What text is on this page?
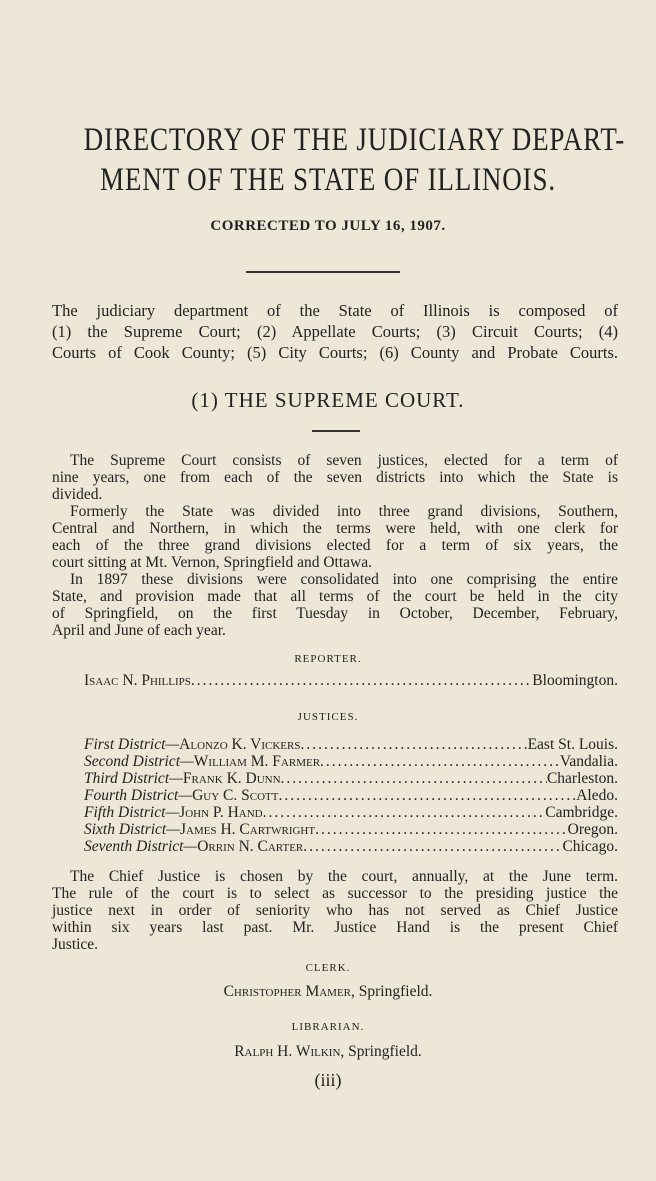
DIRECTORY OF THE JUDICIARY DEPART-
MENT OF THE STATE OF ILLINOIS.
CORRECTED TO JULY 16, 1907.
The judiciary department of the State of Illinois is composed of
(1) the Supreme Court; (2) Appellate Courts; (3) Circuit Courts; (4)
Courts of Cook County; (5) City Courts; (6) County and Probate Courts.
(1) THE SUPREME COURT.
The Supreme Court consists of seven justices, elected for a term of
nine years, one from each of the seven districts into which the State is
divided.
Formerly the State was divided into three grand divisions, Southern,
Central and Northern, in which the terms were held, with one clerk for
each of the three grand divisions elected for a term of six years, the
court sitting at Mt. Vernon, Springfield and Ottawa.
In 1897 these divisions were consolidated into one comprising the entire
State, and provision made that all terms of the court be held in the city
of Springfield, on the first Tuesday in October, December, February,
April and June of each year.
REPORTER.
Isaac N. Phillips .....	Bloomington.
JUSTICES.
First District—Alonzo K. Vickers .....	East St. Louis.
Second District—William M. Farmer .....	Vandalia.
Third District—Frank K. Dunn .....	Charleston.
Fourth District—Guy C. Scott .....	Aledo.
Fifth District—John P. Hand .....	Cambridge.
Sixth District—James H. Cartwright .....	Oregon.
Seventh District—Orrin N. Carter .....	Chicago.
The Chief Justice is chosen by the court, annually, at the June term.
The rule of the court is to select as successor to the presiding justice the
justice next in order of seniority who has not served as Chief Justice
within six years last past. Mr. Justice Hand is the present Chief
Justice.
CLERK.
Christopher Mamer, Springfield.
LIBRARIAN.
Ralph H. Wilkin, Springfield.
(iii)
